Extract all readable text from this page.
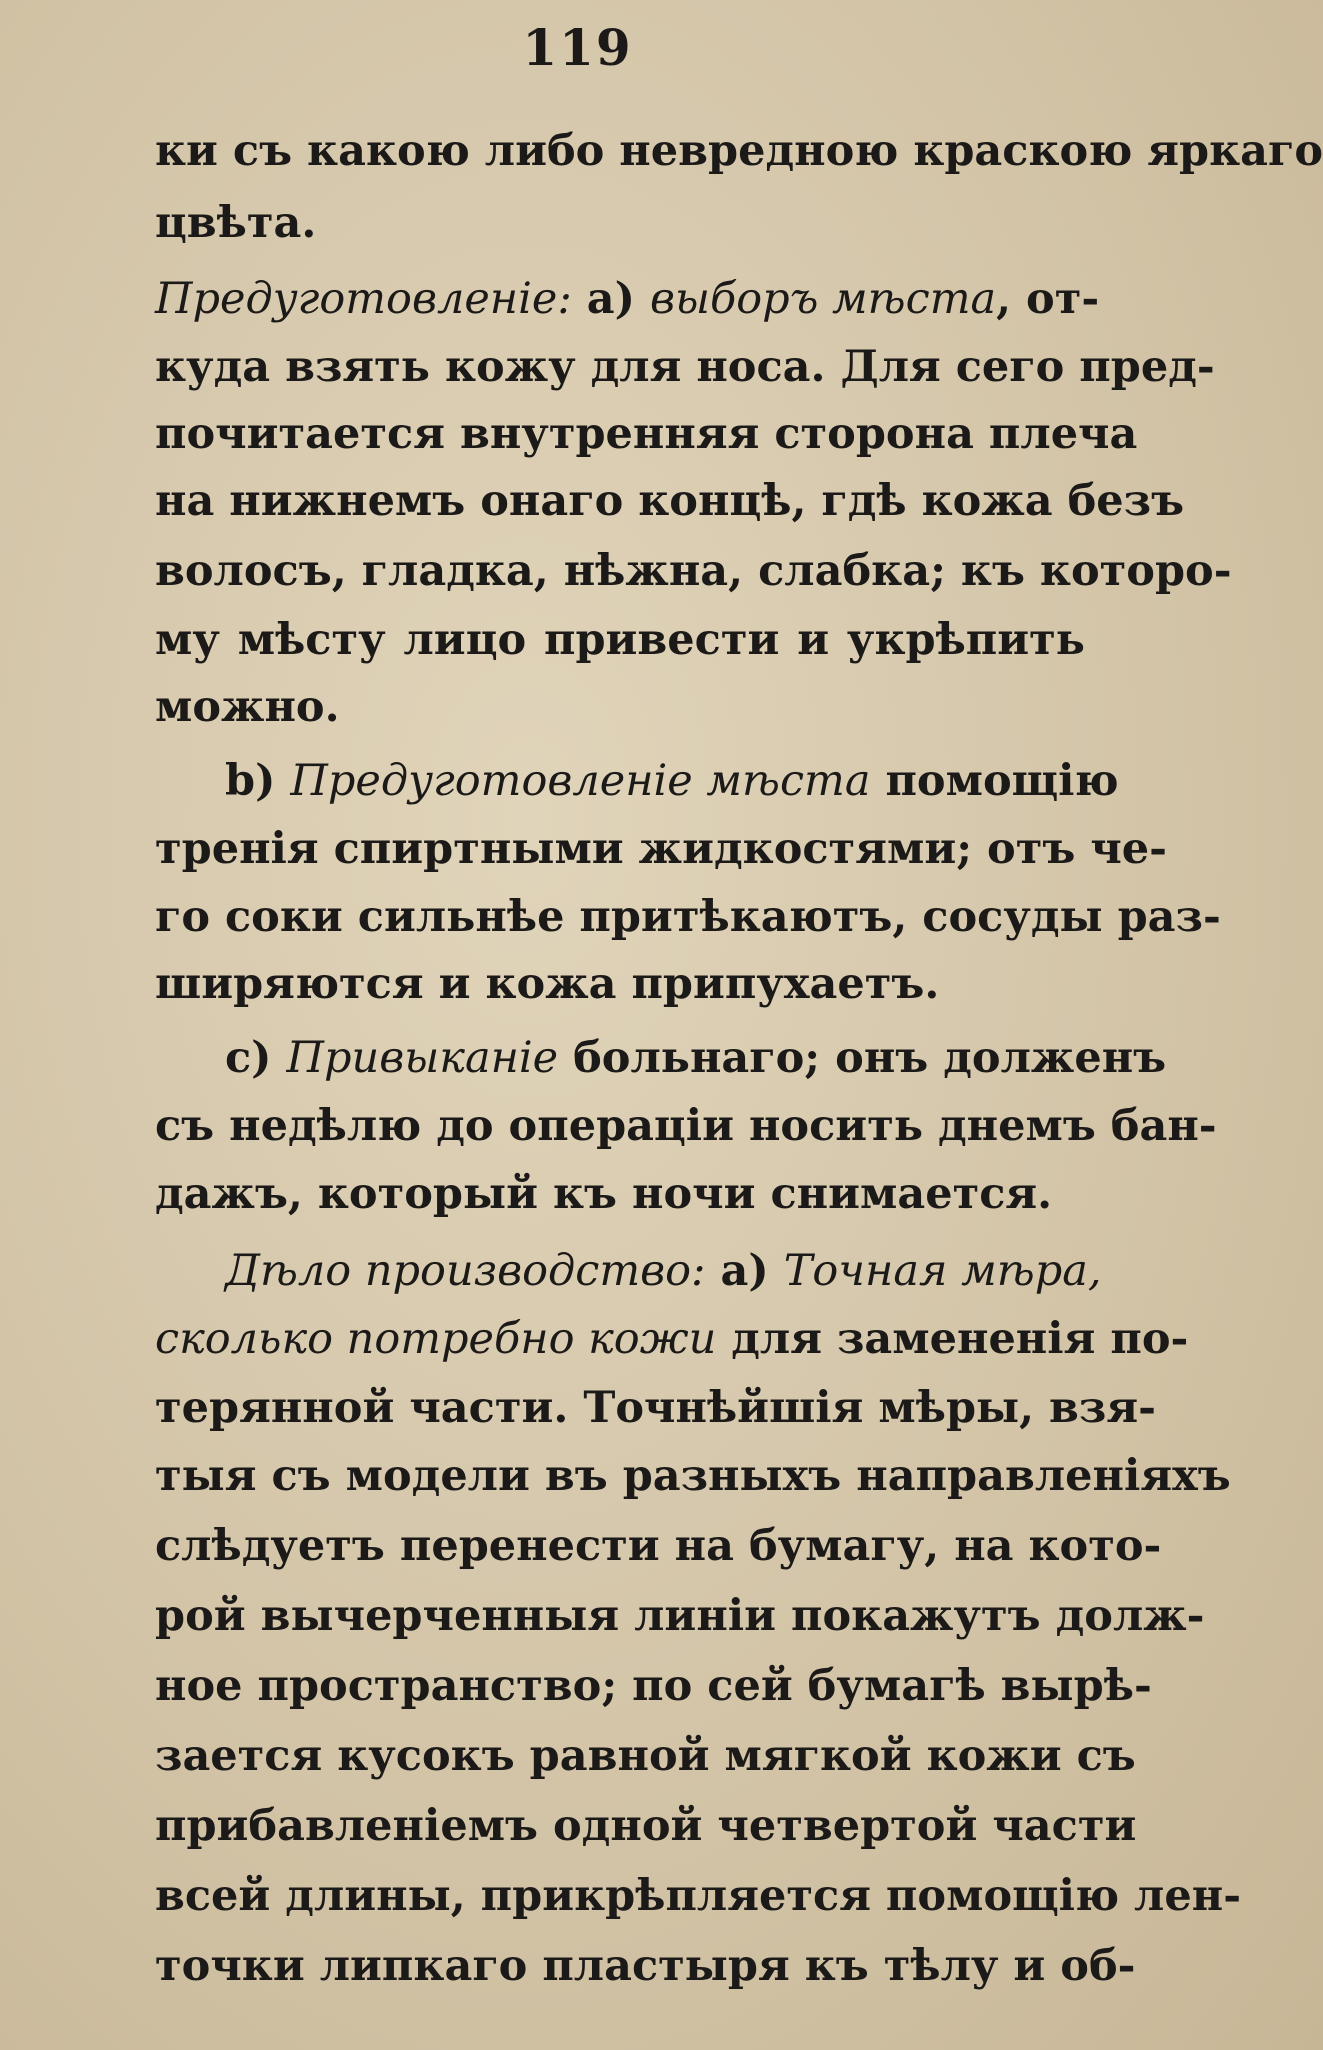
119
ки съ какою либо невредною краскою яркаго
цвѣта.
Предуготовленіе: а) выборъ мѣста, от-
куда взять кожу для носа. Для сего пред-
почитается внутренняя сторона плеча
на нижнемъ онаго концѣ, гдѣ кожа безъ
волосъ, гладка, нѣжна, слабка; къ которо-
му мѣсту лицо привести и укрѣпить
можно.
b) Предуготовленіе мѣста помощію
тренія спиртными жидкостями; отъ че-
го соки сильнѣе притѣкаютъ, сосуды раз-
ширяются и кожа припухаетъ.
c) Привыканіе больнаго; онъ долженъ
съ недѣлю до операціи носить днемъ бан-
дажъ, который къ ночи снимается.
Дѣло производство: а) Точная мѣра,
сколько потребно кожи для замененія по-
терянной части. Точнѣйшія мѣры, взя-
тыя съ модели въ разныхъ направленіяхъ
слѣдуетъ перенести на бумагу, на кото-
рой вычерченныя линіи покажутъ долж-
ное пространство; по сей бумагѣ вырѣ-
зается кусокъ равной мягкой кожи съ
прибавленіемъ одной четвертой части
всей длины, прикрѣпляется помощію лен-
точки липкаго пластыря къ тѣлу и об-
